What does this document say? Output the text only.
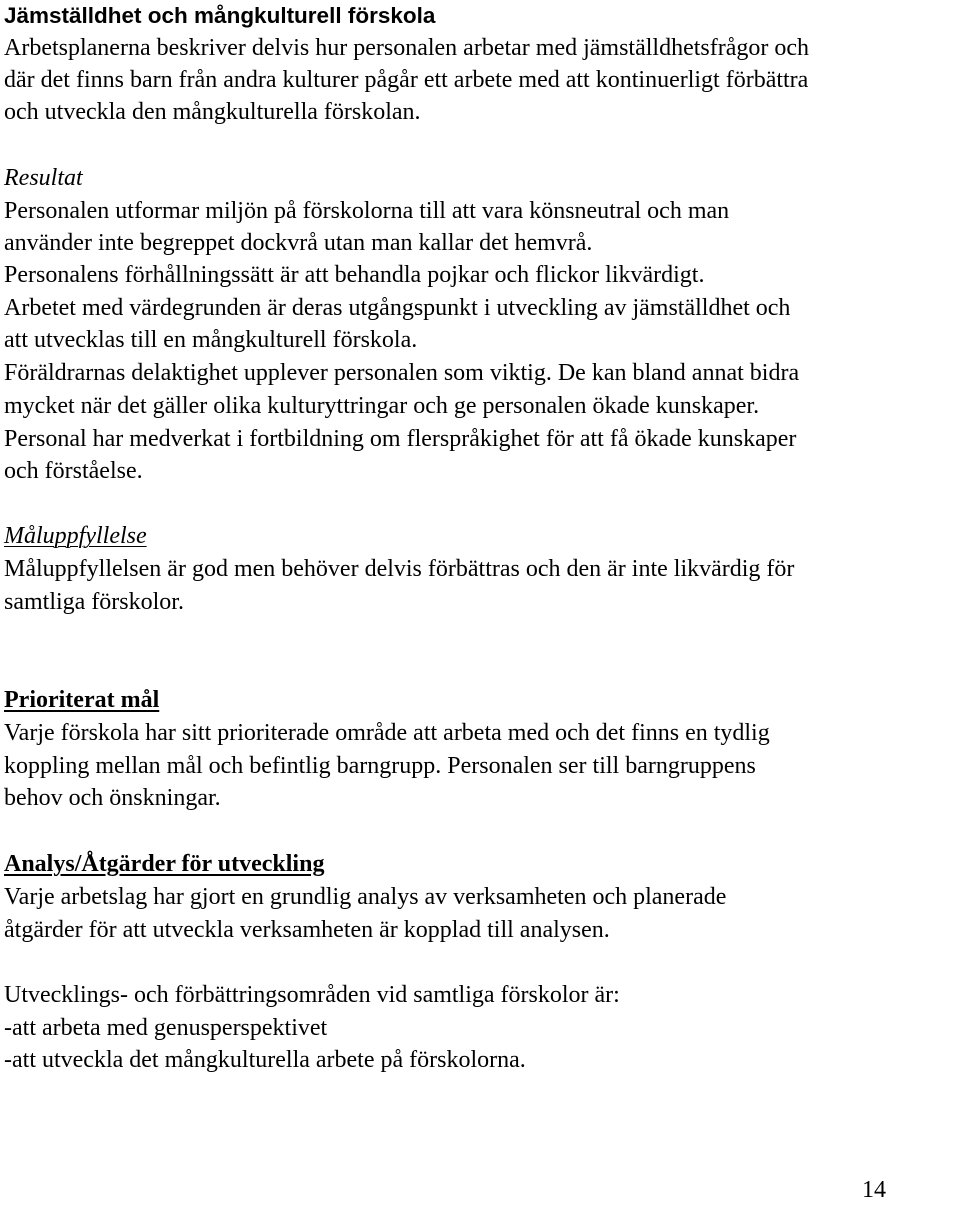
Jämställdhet och mångkulturell förskola
Arbetsplanerna beskriver delvis hur personalen arbetar med jämställdhetsfrågor och
där det finns barn från andra kulturer pågår ett arbete med att kontinuerligt förbättra
och utveckla den mångkulturella förskolan.
Resultat
Personalen utformar miljön på förskolorna till att vara könsneutral och man
använder inte begreppet dockvrå utan man kallar det hemvrå.
Personalens förhållningssätt är att behandla pojkar och flickor likvärdigt.
Arbetet med värdegrunden är deras utgångspunkt i utveckling av jämställdhet och
att utvecklas till en mångkulturell förskola.
Föräldrarnas delaktighet upplever personalen som viktig. De kan bland annat bidra
mycket när det gäller olika kulturyttringar och ge personalen ökade kunskaper.
Personal har medverkat i fortbildning om flerspråkighet för att få ökade kunskaper
och förståelse.
Måluppfyllelse
Måluppfyllelsen är god men behöver delvis förbättras och den är inte likvärdig för
samtliga förskolor.
Prioriterat mål
Varje förskola har sitt prioriterade område att arbeta med och det finns en tydlig
koppling mellan mål och befintlig barngrupp. Personalen ser till barngruppens
behov och önskningar.
Analys/Åtgärder för utveckling
Varje arbetslag har gjort en grundlig analys av verksamheten och planerade
åtgärder för att utveckla verksamheten är kopplad till analysen.
Utvecklings- och förbättringsområden vid samtliga förskolor är:
-att arbeta med genusperspektivet
-att utveckla det mångkulturella arbete på förskolorna.
14
